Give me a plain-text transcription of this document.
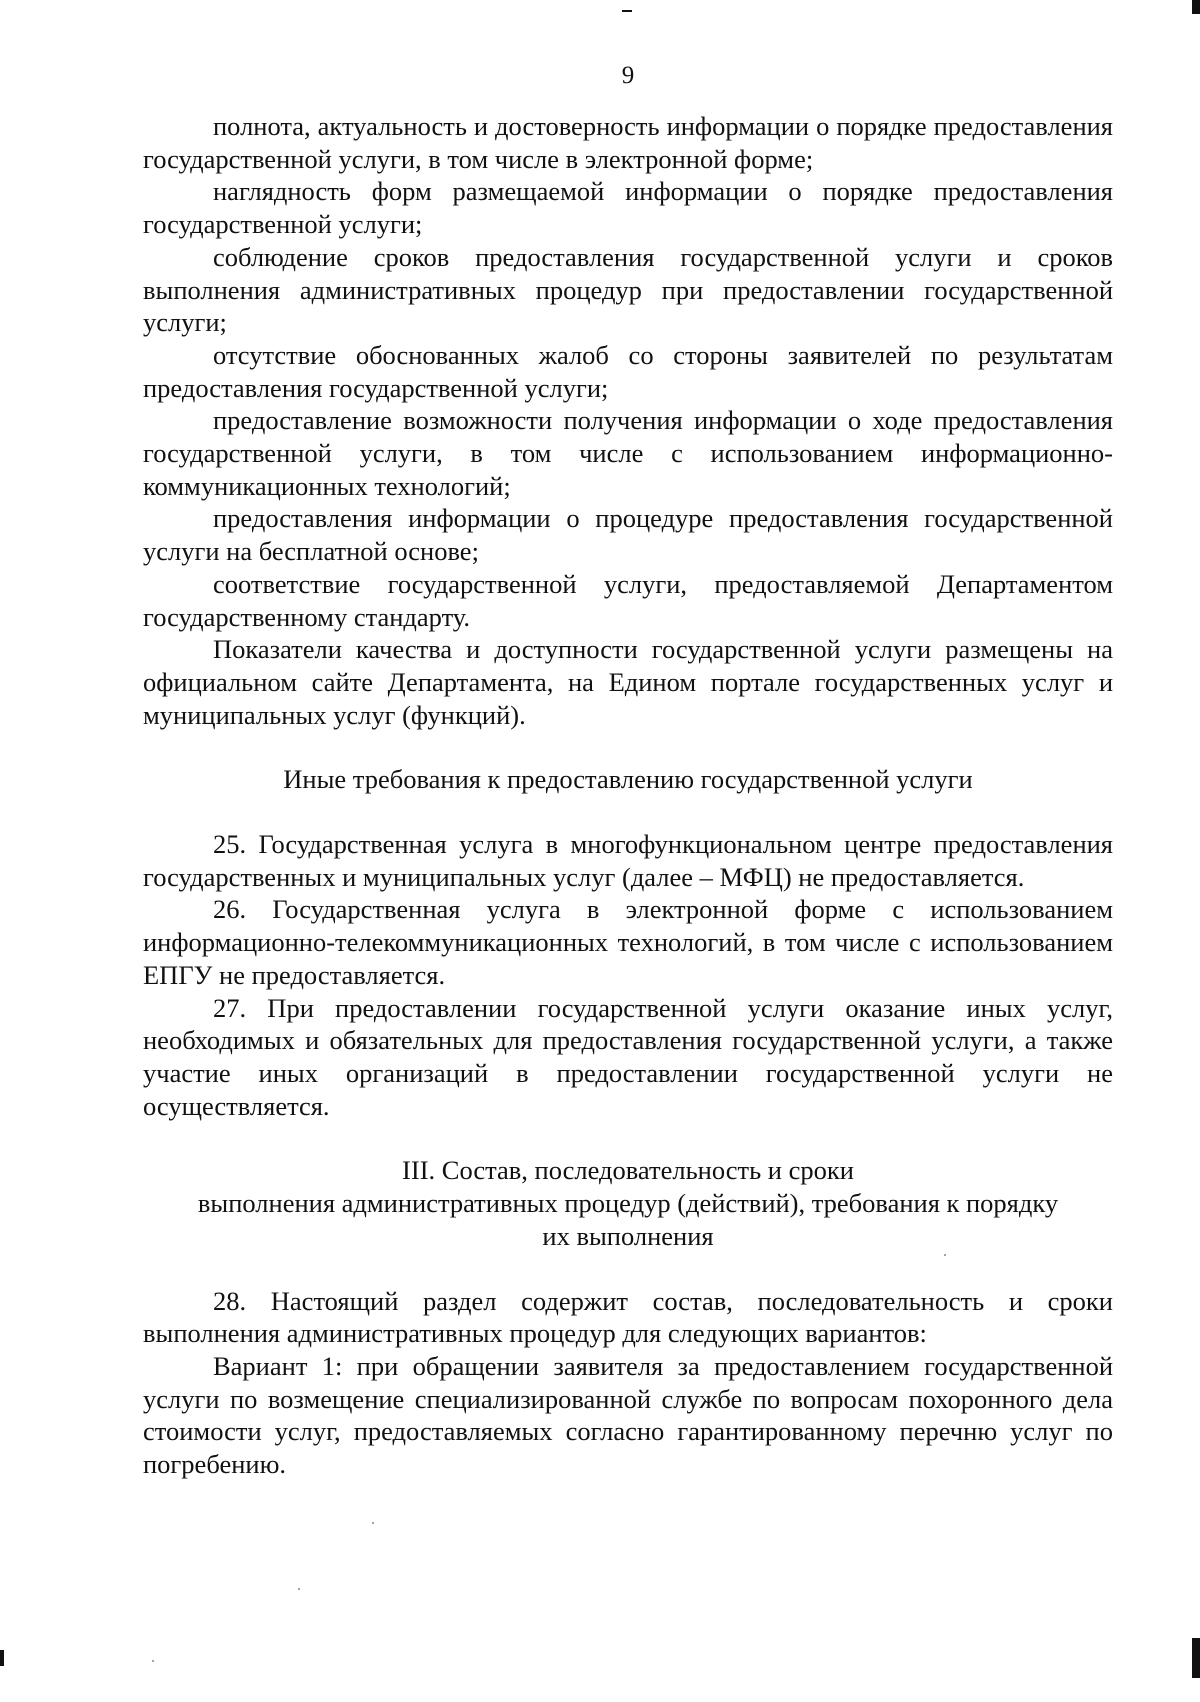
9

полнота, актуальность и достоверность информации о порядке предоставления государственной услуги, в том числе в электронной форме;

наглядность форм размещаемой информации о порядке предоставления государственной услуги;

соблюдение сроков предоставления государственной услуги и сроков выполнения административных процедур при предоставлении государственной услуги;

отсутствие обоснованных жалоб со стороны заявителей по результатам предоставления государственной услуги;

предоставление возможности получения информации о ходе предоставления государственной услуги, в том числе с использованием информационно-коммуникационных технологий;

предоставления информации о процедуре предоставления государственной услуги на бесплатной основе;

соответствие государственной услуги, предоставляемой Департаментом государственному стандарту.

Показатели качества и доступности государственной услуги размещены на официальном сайте Департамента, на Едином портале государственных услуг и муниципальных услуг (функций).

Иные требования к предоставлению государственной услуги

25. Государственная услуга в многофункциональном центре предоставления государственных и муниципальных услуг (далее – МФЦ) не предоставляется.

26. Государственная услуга в электронной форме с использованием информационно-телекоммуникационных технологий, в том числе с использованием ЕПГУ не предоставляется.

27. При предоставлении государственной услуги оказание иных услуг, необходимых и обязательных для предоставления государственной услуги, а также участие иных организаций в предоставлении государственной услуги не осуществляется.

III. Состав, последовательность и сроки
выполнения административных процедур (действий), требования к порядку
их выполнения

28. Настоящий раздел содержит состав, последовательность и сроки выполнения административных процедур для следующих вариантов:

Вариант 1: при обращении заявителя за предоставлением государственной услуги по возмещение специализированной службе по вопросам похоронного дела стоимости услуг, предоставляемых согласно гарантированному перечню услуг по погребению.
